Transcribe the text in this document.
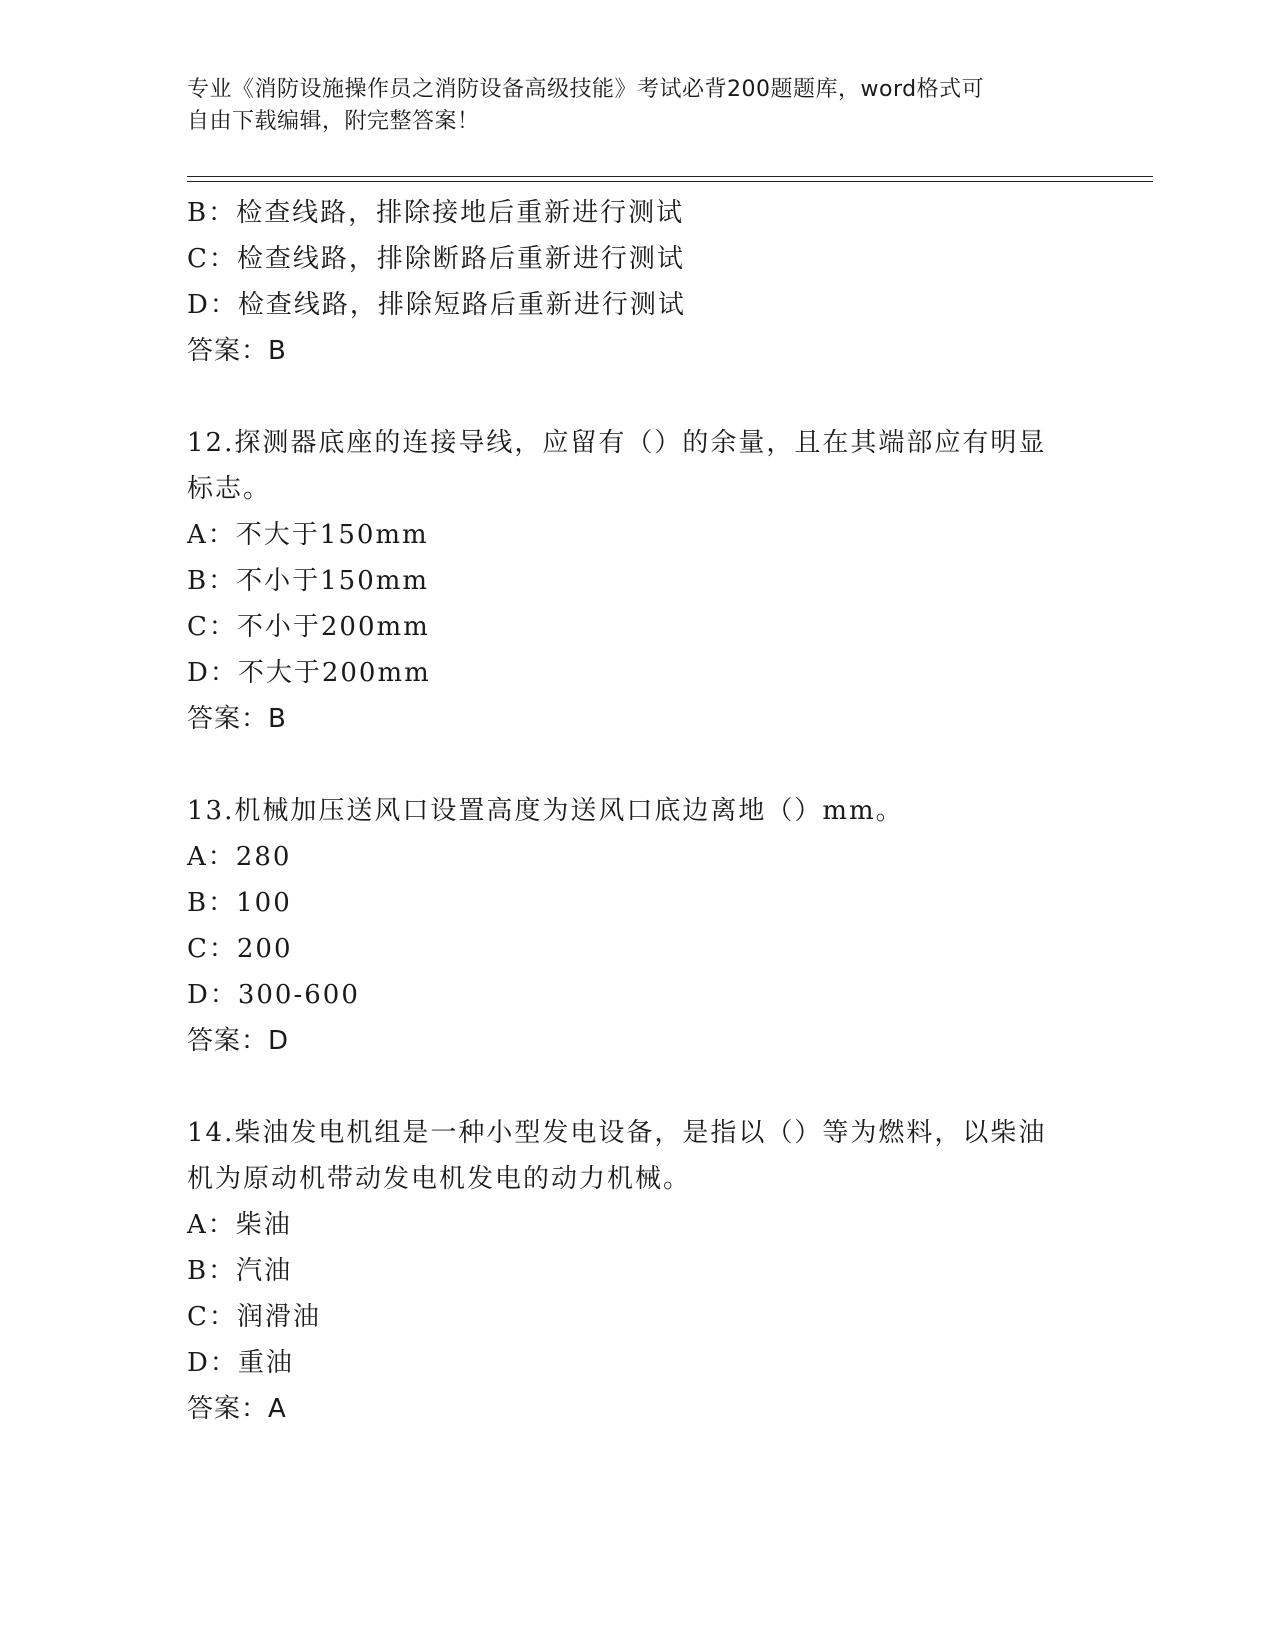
专业《消防设施操作员之消防设备高级技能》考试必背200题题库，word格式可
自由下载编辑，附完整答案！
B：检查线路，排除接地后重新进行测试
C：检查线路，排除断路后重新进行测试
D：检查线路，排除短路后重新进行测试
答案：B
12.探测器底座的连接导线，应留有（）的余量，且在其端部应有明显
标志。
A：不大于150mm
B：不小于150mm
C：不小于200mm
D：不大于200mm
答案：B
13.机械加压送风口设置高度为送风口底边离地（）mm。
A：280
B：100
C：200
D：300-600
答案：D
14.柴油发电机组是一种小型发电设备，是指以（）等为燃料，以柴油
机为原动机带动发电机发电的动力机械。
A：柴油
B：汽油
C：润滑油
D：重油
答案：A
